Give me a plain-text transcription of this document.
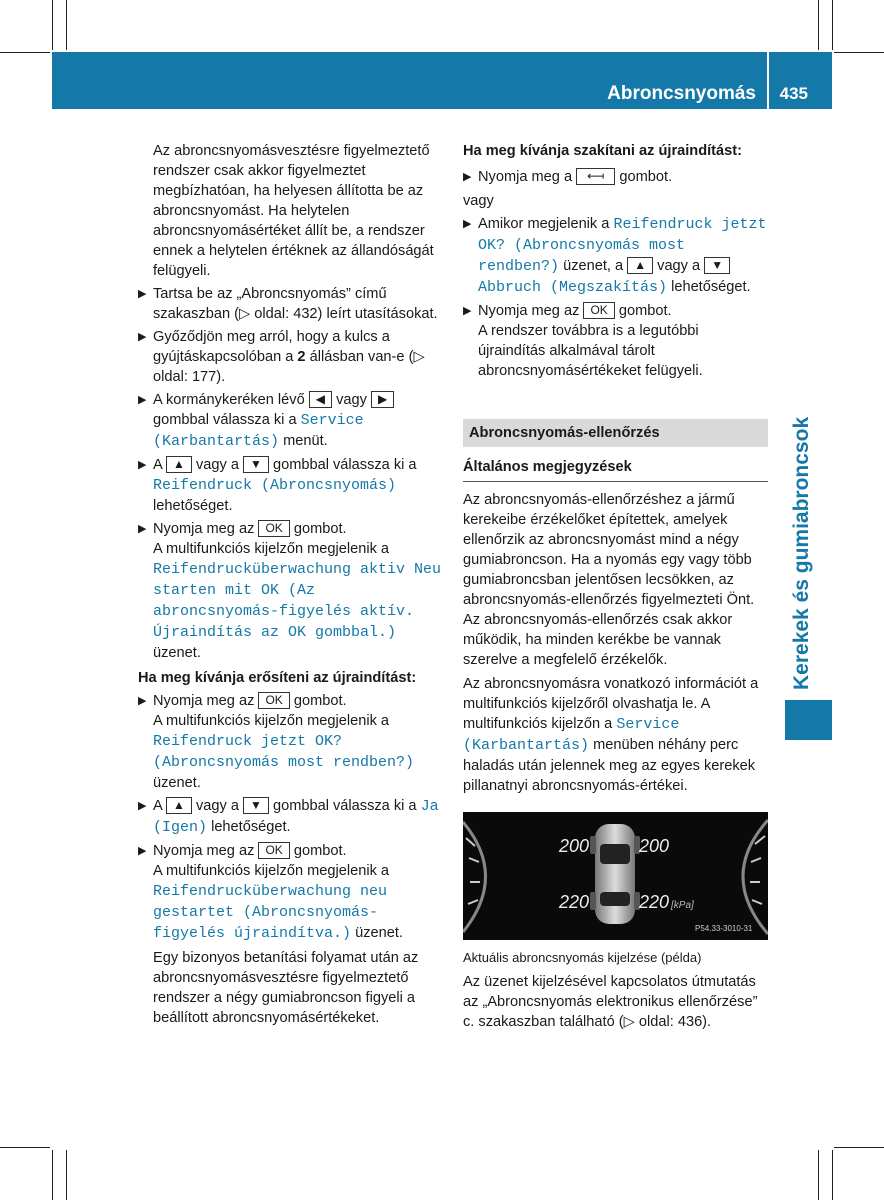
Abroncsnyomás 435
Kerekek és gumiabroncsok

Az abroncsnyomásvesztésre figyelmeztető rendszer csak akkor figyelmeztet megbízhatóan, ha helyesen állította be az abroncsnyomást. Ha helytelen abroncsnyomásértéket állít be, a rendszer ennek a helytelen értéknek az állandóságát felügyeli.

▶ Tartsa be az „Abroncsnyomás” című szakaszban (▷ oldal: 432) leírt utasításokat.
▶ Győződjön meg arról, hogy a kulcs a gyújtáskapcsolóban a 2 állásban van-e (▷ oldal: 177).
▶ A kormánykeréken lévő ◀ vagy ▶ gombbal válassza ki a Service (Karbantartás) menüt.
▶ A ▲ vagy a ▼ gombbal válassza ki a Reifendruck (Abroncsnyomás) lehetőséget.
▶ Nyomja meg az OK gombot.
A multifunkciós kijelzőn megjelenik a Reifendrucküberwachung aktiv Neu starten mit OK (Az abroncsnyomás-figyelés aktív. Újraindítás az OK gombbal.) üzenet.

Ha meg kívánja erősíteni az újraindítást:

▶ Nyomja meg az OK gombot.
A multifunkciós kijelzőn megjelenik a Reifendruck jetzt OK? (Abroncsnyomás most rendben?) üzenet.
▶ A ▲ vagy a ▼ gombbal válassza ki a Ja (Igen) lehetőséget.
▶ Nyomja meg az OK gombot.
A multifunkciós kijelzőn megjelenik a Reifendrucküberwachung neu gestartet (Abroncsnyomás-figyelés újraindítva.) üzenet.

Egy bizonyos betanítási folyamat után az abroncsnyomásvesztésre figyelmeztető rendszer a négy gumiabroncson figyeli a beállított abroncsnyomásértékeket.

Ha meg kívánja szakítani az újraindítást:

▶ Nyomja meg a ⟻ gombot.

vagy

▶ Amikor megjelenik a Reifendruck jetzt OK? (Abroncsnyomás most rendben?) üzenet, a ▲ vagy a ▼ Abbruch (Megszakítás) lehetőséget.
▶ Nyomja meg az OK gombot.
A rendszer továbbra is a legutóbbi újraindítás alkalmával tárolt abroncsnyomásértékeket felügyeli.
Abroncsnyomás-ellenőrzés
Általános megjegyzések

Az abroncsnyomás-ellenőrzéshez a jármű kerekeibe érzékelőket építettek, amelyek ellenőrzik az abroncsnyomást mind a négy gumiabroncson. Ha a nyomás egy vagy több gumiabroncsban jelentősen lecsökken, az abroncsnyomás-ellenőrzés figyelmezteti Önt. Az abroncsnyomás-ellenőrzés csak akkor működik, ha minden kerékbe be vannak szerelve a megfelelő érzékelők.

Az abroncsnyomásra vonatkozó információt a multifunkciós kijelzőről olvashatja le. A multifunkciós kijelzőn a Service (Karbantartás) menüben néhány perc haladás után jelennek meg az egyes kerekek pillanatnyi abroncsnyomás-értékei.

200	200
220	220 [kPa]
P54.33-3010-31

Aktuális abroncsnyomás kijelzése (példa)

Az üzenet kijelzésével kapcsolatos útmutatás az „Abroncsnyomás elektronikus ellenőrzése” c. szakaszban található (▷ oldal: 436).
